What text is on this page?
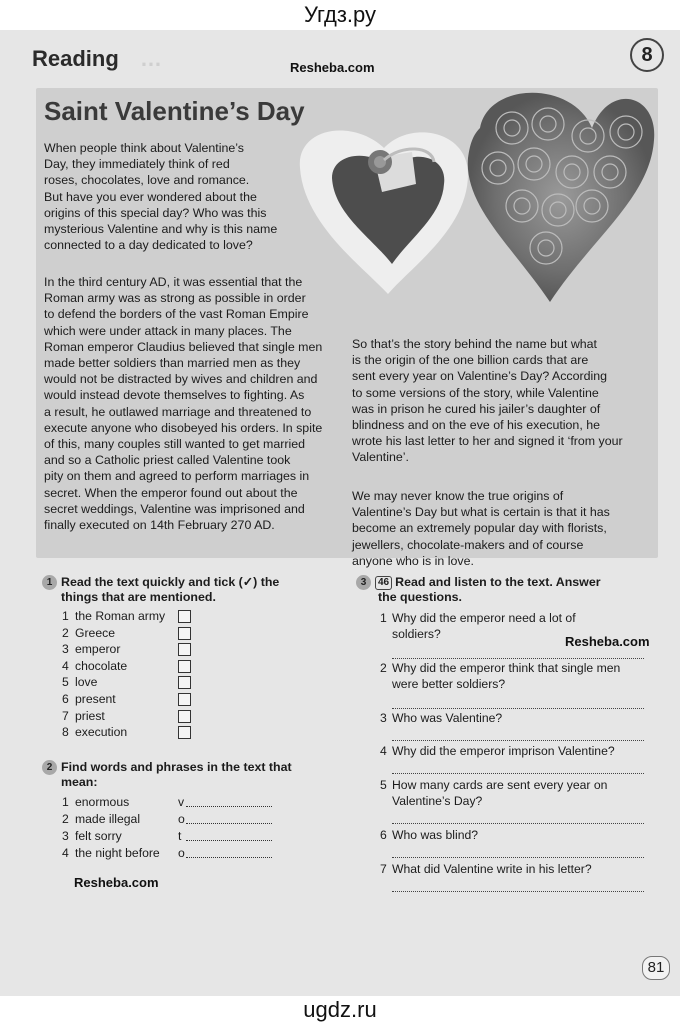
Угдз.ру
…
Reading	Resheba.com
8
Saint Valentine’s Day
When people think about Valentine’s
Day, they immediately think of red
roses, chocolates, love and romance.
But have you ever wondered about the
origins of this special day? Who was this
mysterious Valentine and why is this name
connected to a day dedicated to love?
In the third century AD, it was essential that the
Roman army was as strong as possible in order
to defend the borders of the vast Roman Empire
which were under attack in many places. The
Roman emperor Claudius believed that single men
made better soldiers than married men as they
would not be distracted by wives and children and
would instead devote themselves to fighting. As
a result, he outlawed marriage and threatened to
execute anyone who disobeyed his orders. In spite
of this, many couples still wanted to get married
and so a Catholic priest called Valentine took
pity on them and agreed to perform marriages in
secret. When the emperor found out about the
secret weddings, Valentine was imprisoned and
finally executed on 14th February 270 AD.
So that’s the story behind the name but what
is the origin of the one billion cards that are
sent every year on Valentine’s Day? According
to some versions of the story, while Valentine
was in prison he cured his jailer’s daughter of
blindness and on the eve of his execution, he
wrote his last letter to her and signed it ‘from your
Valentine’.
We may never know the true origins of
Valentine’s Day but what is certain is that it has
become an extremely popular day with florists,
jewellers, chocolate-makers and of course
anyone who is in love.
1 Read the text quickly and tick (✓) the
things that are mentioned.
1 the Roman army
2 Greece
3 emperor
4 chocolate
5 love
6 present
7 priest
8 execution
2 Find words and phrases in the text that
mean:
1 enormous	v
2 made illegal	o
3 felt sorry	t
4 the night before o
Resheba.com
3 46 Read and listen to the text. Answer
the questions.
Resheba.com
1 Why did the emperor need a lot of
soldiers?
2 Why did the emperor think that single men
were better soldiers?
3 Who was Valentine?
4 Why did the emperor imprison Valentine?
5 How many cards are sent every year on
Valentine’s Day?
6 Who was blind?
7 What did Valentine write in his letter?
81
ugdz.ru
